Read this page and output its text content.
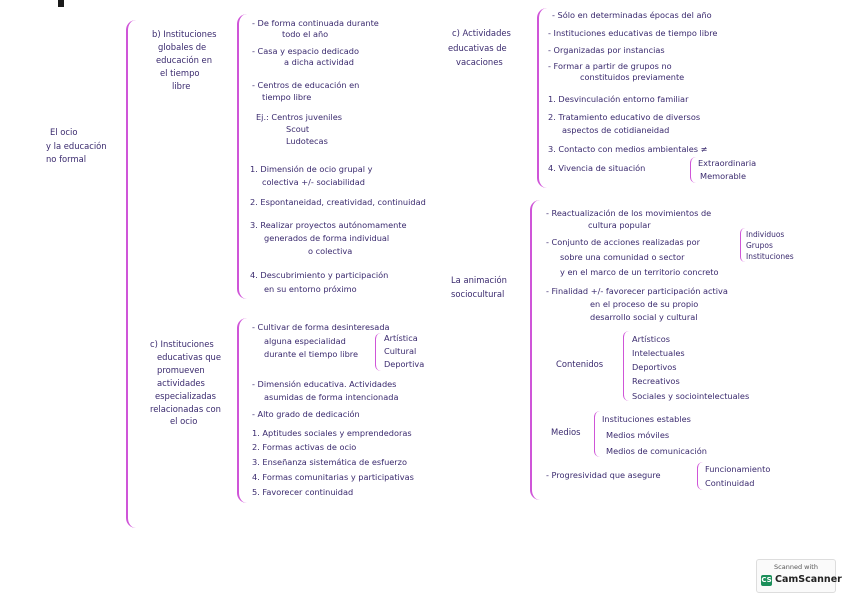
El ocio
y la educación
no formal
b) Instituciones
globales de
educación en
el tiempo
libre
- De forma continuada durante
todo el año
- Casa y espacio dedicado
a dicha actividad
- Centros de educación en
tiempo libre
Ej.: Centros juveniles
Scout
Ludotecas
1. Dimensión de ocio grupal y
colectiva +/- sociabilidad
2. Espontaneidad, creatividad, continuidad
3. Realizar proyectos autónomamente
generados de forma individual
o colectiva
4. Descubrimiento y participación
en su entorno próximo
c) Instituciones
educativas que
promueven
actividades
especializadas
relacionadas con
el ocio
- Cultivar de forma desinteresada
alguna especialidad
durante el tiempo libre
- Dimensión educativa. Actividades
asumidas de forma intencionada
- Alto grado de dedicación
1. Aptitudes sociales y emprendedoras
2. Formas activas de ocio
3. Enseñanza sistemática de esfuerzo
4. Formas comunitarias y participativas
5. Favorecer continuidad
Artística
Cultural
Deportiva
c) Actividades
educativas de
vacaciones
- Sólo en determinadas épocas del año
- Instituciones educativas de tiempo libre
- Organizadas por instancias
- Formar a partir de grupos no
constituidos previamente
1. Desvinculación entorno familiar
2. Tratamiento educativo de diversos
aspectos de cotidianeidad
3. Contacto con medios ambientales ≠
4. Vivencia de situación	Extraordinaria
Memorable
La animación
sociocultural
- Reactualización de los movimientos de
cultura popular
- Conjunto de acciones realizadas por
sobre una comunidad o sector
y en el marco de un territorio concreto
- Finalidad +/- favorecer participación activa
en el proceso de su propio
desarrollo social y cultural
Individuos
Grupos
Instituciones
Contenidos
Artísticos
Intelectuales
Deportivos
Recreativos
Sociales y sociointelectuales
Medios
Instituciones estables
Medios móviles
Medios de comunicación
- Progresividad que asegure
Funcionamiento
Continuidad
Scanned with
CS CamScanner
